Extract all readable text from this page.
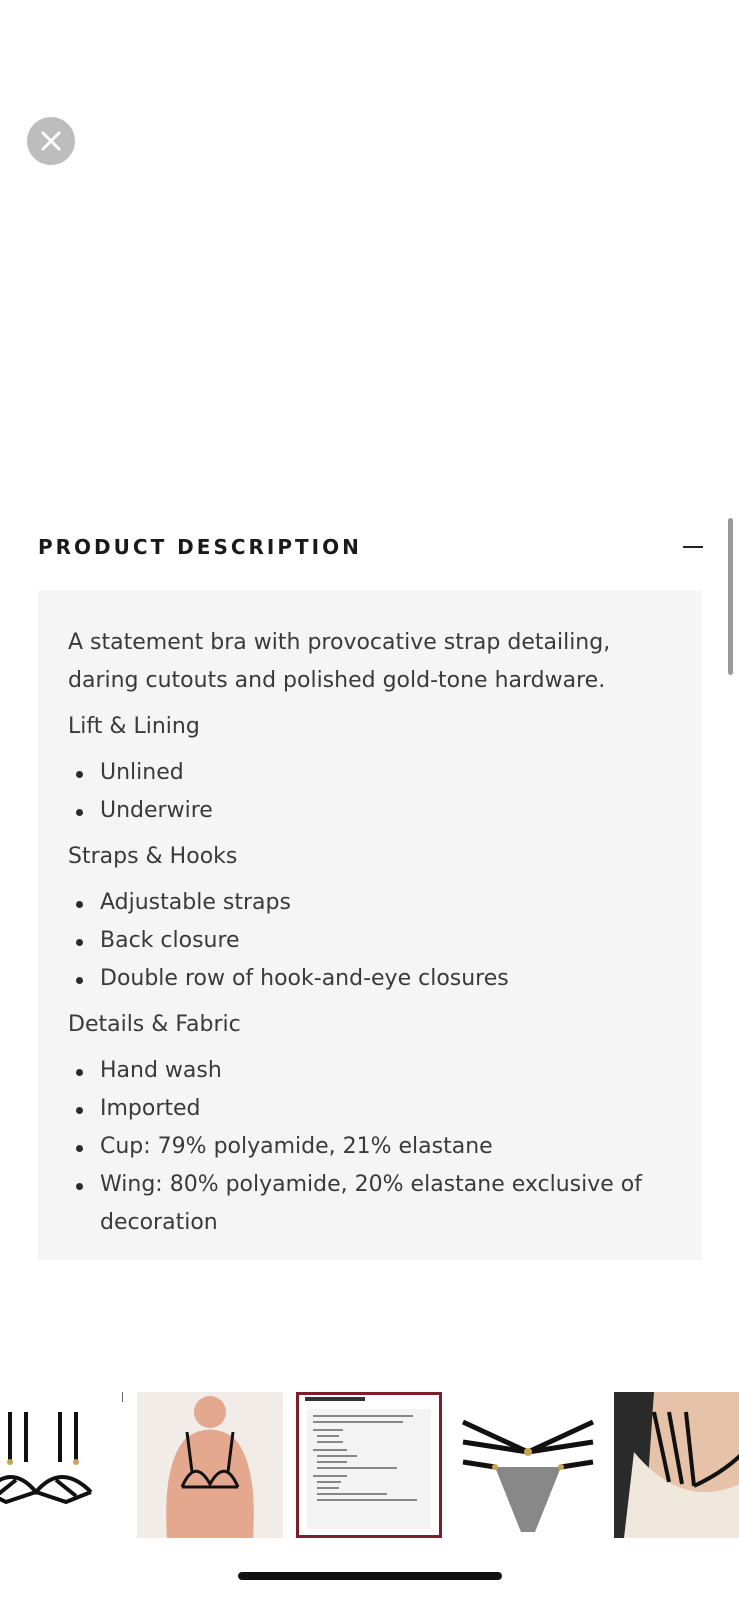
PRODUCT DESCRIPTION

A statement bra with provocative strap detailing, daring cutouts and polished gold-tone hardware.

Lift & Lining

Unlined
Underwire

Straps & Hooks

Adjustable straps
Back closure
Double row of hook-and-eye closures

Details & Fabric

Hand wash
Imported
Cup: 79% polyamide, 21% elastane
Wing: 80% polyamide, 20% elastane exclusive of decoration
